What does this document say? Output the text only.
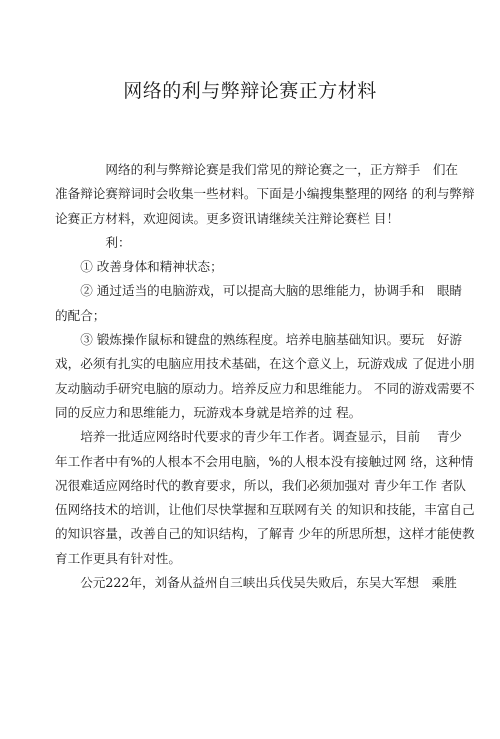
网络的利与弊辩论赛正方材料

　　　　网络的利与弊辩论赛是我们常见的辩论赛之一，正方辩手　们在

准备辩论赛辩词时会收集一些材料。下面是小编搜集整理的网络 的利与弊辩

论赛正方材料，欢迎阅读。更多资讯请继续关注辩论赛栏 目！

　　　　利：

　　① 改善身体和精神状态；

　　② 通过适当的电脑游戏，可以提高大脑的思维能力，协调手和　眼睛

的配合；

　　③ 锻炼操作鼠标和键盘的熟练程度。培养电脑基础知识。要玩　好游

戏，必须有扎实的电脑应用技术基础，在这个意义上，玩游戏成 了促进小朋

友动脑动手研究电脑的原动力。培养反应力和思维能力。 不同的游戏需要不

同的反应力和思维能力，玩游戏本身就是培养的过 程。

　　培养一批适应网络时代要求的青少年工作者。调查显示，目前　 青少

年工作者中有%的人根本不会用电脑，%的人根本没有接触过网 络，这种情

况很难适应网络时代的教育要求，所以，我们必须加强对 青少年工作 者队

伍网络技术的培训，让他们尽快掌握和互联网有关 的知识和技能，丰富自己

的知识容量，改善自己的知识结构，了解青 少年的所思所想，这样才能使教

育工作更具有针对性。

　　公元222年，刘备从益州自三峡出兵伐吴失败后，东吴大军想　乘胜
